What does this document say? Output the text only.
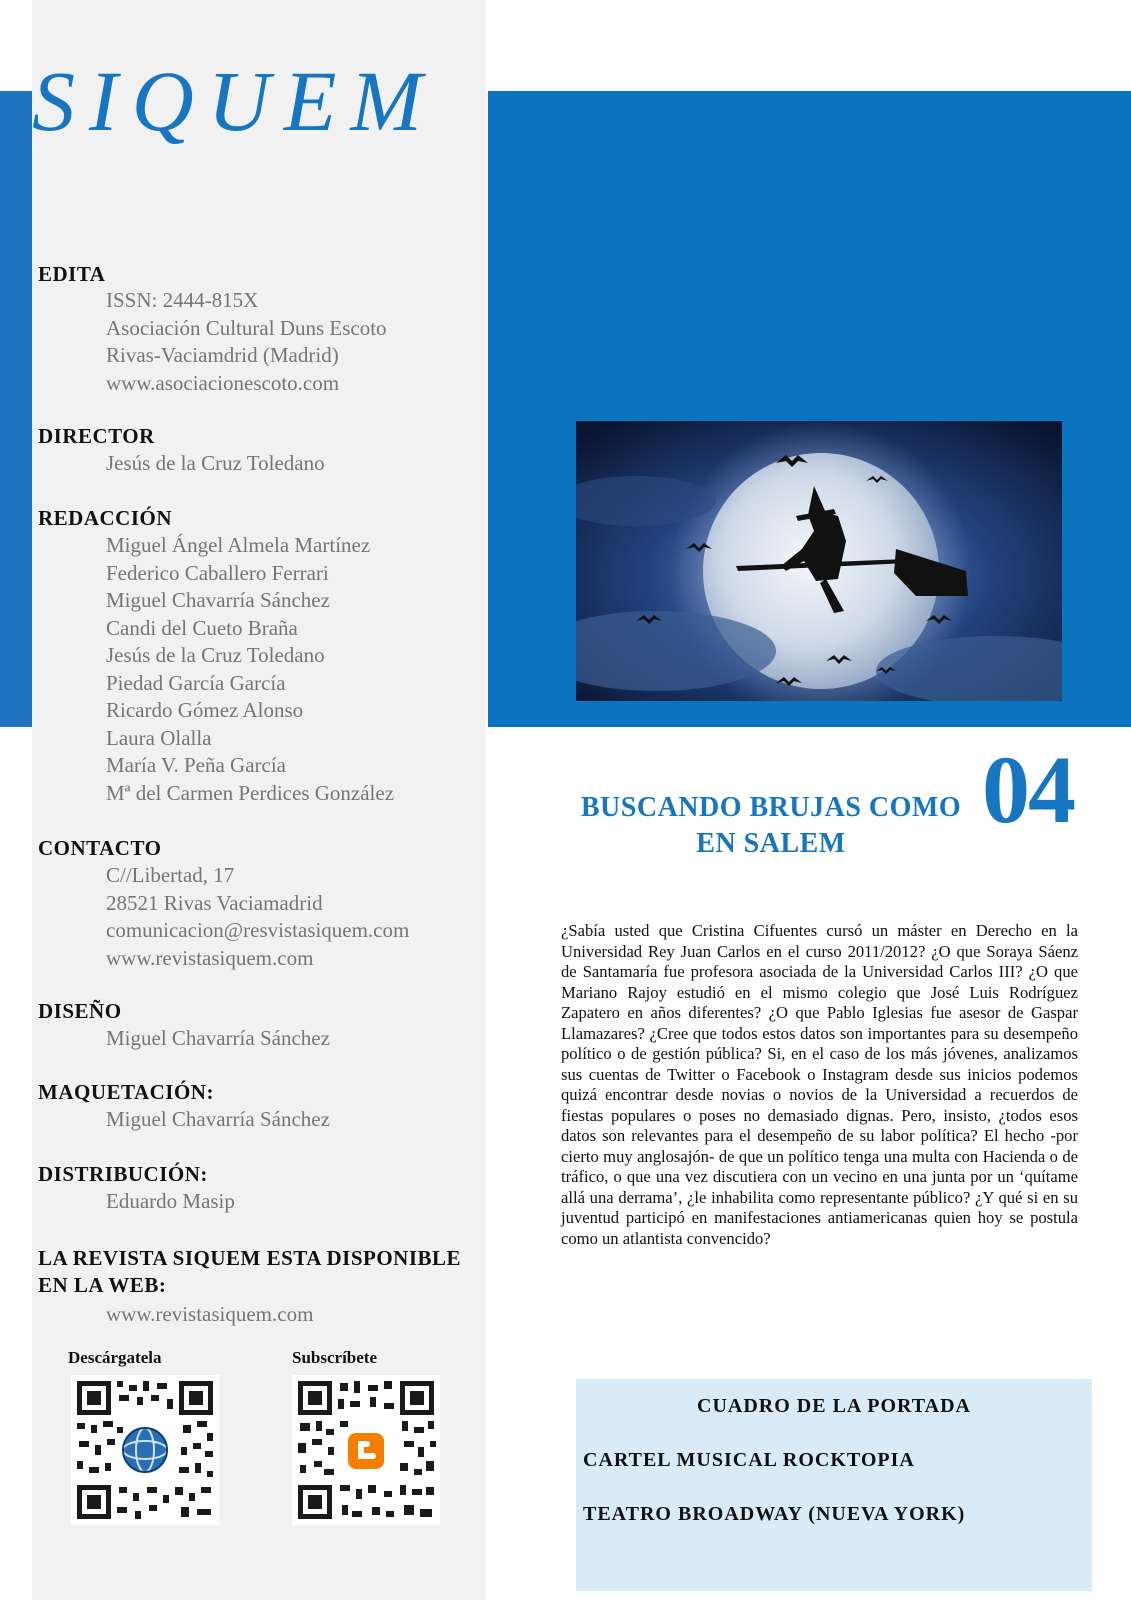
SIQUEM
EDITA
ISSN: 2444-815X
Asociación Cultural Duns Escoto
Rivas-Vaciamdrid (Madrid)
www.asociacionescoto.com
DIRECTOR
Jesús de la Cruz Toledano
REDACCIÓN
Miguel Ángel Almela Martínez
Federico Caballero Ferrari
Miguel Chavarría Sánchez
Candi del Cueto Braña
Jesús de la Cruz Toledano
Piedad García García
Ricardo Gómez Alonso
Laura Olalla
María V. Peña García
Mª del Carmen Perdices González
CONTACTO
C//Libertad, 17
28521 Rivas Vaciamadrid
comunicacion@resvistasiquem.com
www.revistasiquem.com
DISEÑO
Miguel Chavarría Sánchez
MAQUETACIÓN:
Miguel Chavarría Sánchez
DISTRIBUCIÓN:
Eduardo Masip
LA REVISTA SIQUEM ESTA DISPONIBLE
EN LA WEB:
www.revistasiquem.com
Descárgatela	Subscríbete
BUSCANDO BRUJAS COMO
EN SALEM
04
¿Sabía usted que Cristina Cifuentes cursó un máster en Derecho en la Universidad Rey Juan Carlos en el curso 2011/2012? ¿O que Soraya Sáenz de Santamaría fue profesora asociada de la Universidad Carlos III? ¿O que Mariano Rajoy estudió en el mismo colegio que José Luis Rodríguez Zapatero en años diferentes? ¿O que Pablo Iglesias fue asesor de Gaspar Llamazares? ¿Cree que todos estos datos son importantes para su desempeño político o de gestión pública? Si, en el caso de los más jóvenes, analizamos sus cuentas de Twitter o Facebook o Instagram desde sus inicios podemos quizá encontrar desde novias o novios de la Universidad a recuerdos de fiestas populares o poses no demasiado dignas. Pero, insisto, ¿todos esos datos son relevantes para el desempeño de su labor política? El hecho -por cierto muy anglosajón- de que un político tenga una multa con Hacienda o de tráfico, o que una vez discutiera con un vecino en una junta por un ‘quítame allá una derrama’, ¿le inhabilita como representante público? ¿Y qué si en su juventud participó en manifestaciones antiamericanas quien hoy se postula como un atlantista convencido?
CUADRO DE LA PORTADA
CARTEL MUSICAL ROCKTOPIA
TEATRO BROADWAY (NUEVA YORK)
